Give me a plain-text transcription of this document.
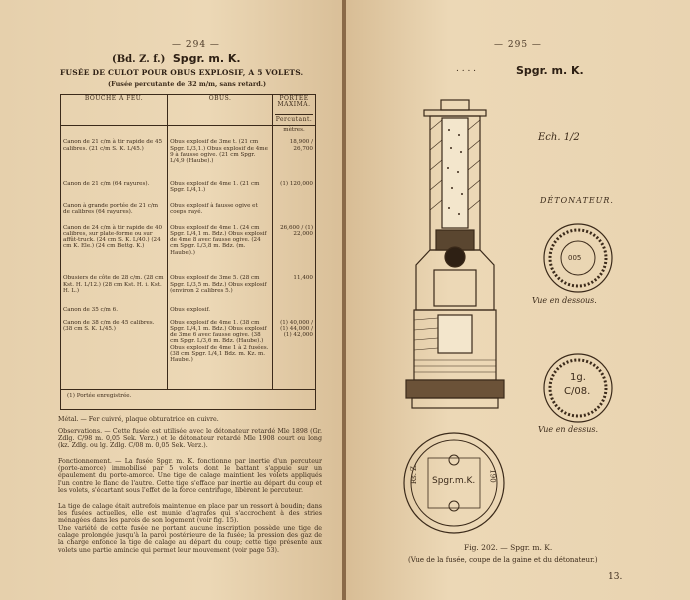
— 294 —
(Bd. Z. f.) Spgr. m. K.
FUSÉE DE CULOT POUR OBUS EXPLOSIF, A 5 VOLETS.
(Fusée percutante de 32 m/m, sans retard.)
BOUCHE A FEU.	OBUS.	PORTÉE MAXIMA.
Percutant.

		mètres.
Canon de 21 c/m à tir rapide de 45 calibres. (21 c/m S. K. L/45.)	Obus explosif de 3me t. (21 cm Spgr. L/3,1.) Obus explosif de 4me 9 à fausse ogive. (21 cm Spgr. L/4,9 (Haube).)	18,900 / 26,700
Canon de 21 c/m (64 rayures).	Obus explosif de 4me 1. (21 cm Spgr. L/4,1.)	(1) 120,000
Canon à grande portée de 21 c/m de calibres (64 rayures).	Obus explosif à fausse ogive et coeps rayé.	
Canon de 24 c/m à tir rapide de 40 calibres, sur plate-forme ou sur affût-truck. (24 cm S. K. L/40.) (24 cm K. Ele.) (24 cm Bettg. K.)	Obus explosif de 4me 1. (24 cm Spgr. L/4,1 m. Bdz.) Obus explosif de 4me 8 avec fausse ogive. (24 cm Spgr. L/3,8 m. Bdz. (m. Haube).)	26,600 / (1) 22,000
Obusiers de côte de 28 c/m. (28 cm Kst. H. L/12.) (28 cm Kst. H. i. Kst. H. L.)	Obus explosif de 3me 5. (28 cm Spgr. L/3,5 m. Bdz.) Obus explosif (environ 2 calibres 5.)	11,400
Canon de 35 c/m 6.	Obus explosif.	
Canon de 38 c/m de 45 calibres. (38 cm S. K. L/45.)	Obus explosif de 4me 1. (38 cm Spgr. L/4,1 m. Bdz.) Obus explosif de 3me 6 avec fausse ogive. (38 cm Spgr. L/3,6 m. Bdz. (Haube).) Obus explosif de 4me 1 à 2 fusées. (38 cm Spgr. L/4,1 Bdz. m. Kz. m. Haube.)	(1) 40,000 / (1) 44,000 / (1) 42,000
(1) Portée enregistrée.		
Métal. — Fer cuivré, plaque obturatrice en cuivre.
Observations. — Cette fusée est utilisée avec le détonateur retardé Mle 1898 (Gr. Zdlg. C/98 m. 0,05 Sek. Verz.) et le détonateur retardé Mle 1908 court ou long (kz. Zdlg. ou lg. Zdlg. C/08 m. 0,05 Sek. Verz.).
Fonctionnement. — La fusée Spgr. m. K. fonctionne par inertie d'un percuteur (porte-amorce) immobilisé par 5 volets dont le battant s'appuie sur un épaulement du porte-amorce. Une tige de calage maintient les volets appliqués l'un contre le flanc de l'autre. Cette tige s'efface par inertie au départ du coup et les volets, s'écartant sous l'effet de la force centrifuge, libèrent le percuteur.
La tige de calage était autrefois maintenue en place par un ressort à boudin; dans les fusées actuelles, elle est munie d'agrafes qui s'accrochent à des stries ménagées dans les parois de son logement (voir fig. 15).
Une variété de cette fusée ne portant aucune inscription possède une tige de calage prolongée jusqu'à la paroi postérieure de la fusée; la pression des gaz de la charge enfonce la tige de calage au départ du coup; cette tige présente aux volets une partie amincie qui permet leur mouvement (voir page 53).
— 295 —
Spgr. m. K.
. . . .
Ech. 1/2
DÉTONATEUR.
005
Vue en dessous.
1g.
C/08.
Vue en dessus.
Spgr.m.K.
Rs. Z.	190
Fig. 202. — Spgr. m. K.
(Vue de la fusée, coupe de la gaine et du détonateur.)
13.
